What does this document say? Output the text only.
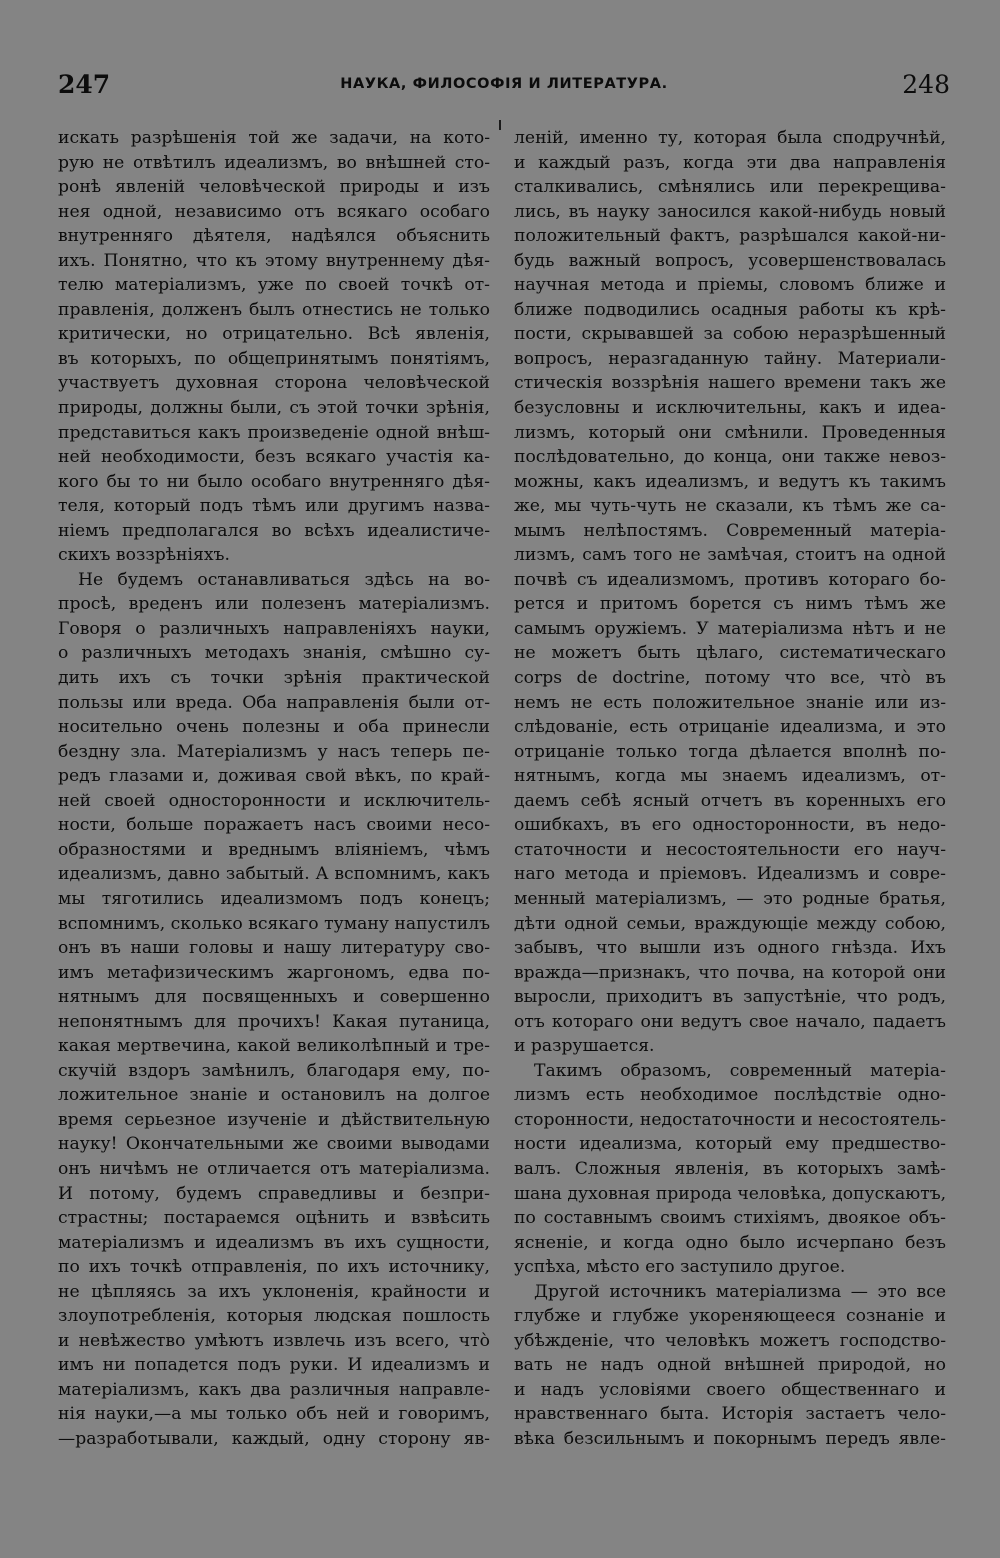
247	НАУКА, ФИЛОСОФІЯ И ЛИТЕРАТУРА.	248
искать разрѣшенія той же задачи, на кото-
рую не отвѣтилъ идеализмъ, во внѣшней сто-
ронѣ явленій человѣческой природы и изъ
нея одной, независимо отъ всякаго особаго
внутренняго дѣятеля, надѣялся объяснить
ихъ. Понятно, что къ этому внутреннему дѣя-
телю матеріализмъ, уже по своей точкѣ от-
правленія, долженъ былъ отнестись не только
критически, но отрицательно. Всѣ явленія,
въ которыхъ, по общепринятымъ понятіямъ,
участвуетъ духовная сторона человѣческой
природы, должны были, съ этой точки зрѣнія,
представиться какъ произведеніе одной внѣш-
ней необходимости, безъ всякаго участія ка-
кого бы то ни было особаго внутренняго дѣя-
теля, который подъ тѣмъ или другимъ назва-
ніемъ предполагался во всѣхъ идеалистиче-
скихъ воззрѣніяхъ.
Не будемъ останавливаться здѣсь на во-
просѣ, вреденъ или полезенъ матеріализмъ.
Говоря о различныхъ направленіяхъ науки,
о различныхъ методахъ знанія, смѣшно су-
дить ихъ съ точки зрѣнія практической
пользы или вреда. Оба направленія были от-
носительно очень полезны и оба принесли
бездну зла. Матеріализмъ у насъ теперь пе-
редъ глазами и, доживая свой вѣкъ, по край-
ней своей односторонности и исключитель-
ности, больше поражаетъ насъ своими несо-
образностями и вреднымъ вліяніемъ, чѣмъ
идеализмъ, давно забытый. А вспомнимъ, какъ
мы тяготились идеализмомъ подъ конецъ;
вспомнимъ, сколько всякаго туману напустилъ
онъ въ наши головы и нашу литературу сво-
имъ метафизическимъ жаргономъ, едва по-
нятнымъ для посвященныхъ и совершенно
непонятнымъ для прочихъ! Какая путаница,
какая мертвечина, какой великолѣпный и тре-
скучій вздоръ замѣнилъ, благодаря ему, по-
ложительное знаніе и остановилъ на долгое
время серьезное изученіе и дѣйствительную
науку! Окончательными же своими выводами
онъ ничѣмъ не отличается отъ матеріализма.
И потому, будемъ справедливы и безпри-
страстны; постараемся оцѣнить и взвѣсить
матеріализмъ и идеализмъ въ ихъ сущности,
по ихъ точкѣ отправленія, по ихъ источнику,
не цѣпляясь за ихъ уклоненія, крайности и
злоупотребленія, которыя людская пошлость
и невѣжество умѣютъ извлечь изъ всего, что̀
имъ ни попадется подъ руки. И идеализмъ и
матеріализмъ, какъ два различныя направле-
нія науки,—а мы только объ ней и говоримъ,
—разработывали, каждый, одну сторону яв-
леній, именно ту, которая была сподручнѣй,
и каждый разъ, когда эти два направленія
сталкивались, смѣнялись или перекрещива-
лись, въ науку заносился какой-нибудь новый
положительный фактъ, разрѣшался какой-ни-
будь важный вопросъ, усовершенствовалась
научная метода и пріемы, словомъ ближе и
ближе подводились осадныя работы къ крѣ-
пости, скрывавшей за собою неразрѣшенный
вопросъ, неразгаданную тайну. Материали-
стическія воззрѣнія нашего времени такъ же
безусловны и исключительны, какъ и идеа-
лизмъ, который они смѣнили. Проведенныя
послѣдовательно, до конца, они также невоз-
можны, какъ идеализмъ, и ведутъ къ такимъ
же, мы чуть-чуть не сказали, къ тѣмъ же са-
мымъ нелѣпостямъ. Современный матеріа-
лизмъ, самъ того не замѣчая, стоитъ на одной
почвѣ съ идеализмомъ, противъ котораго бо-
рется и притомъ борется съ нимъ тѣмъ же
самымъ оружіемъ. У матеріализма нѣтъ и не
не можетъ быть цѣлаго, систематическаго
corps de doctrine, потому что все, что̀ въ
немъ не есть положительное знаніе или из-
слѣдованіе, есть отрицаніе идеализма, и это
отрицаніе только тогда дѣлается вполнѣ по-
нятнымъ, когда мы знаемъ идеализмъ, от-
даемъ себѣ ясный отчетъ въ коренныхъ его
ошибкахъ, въ его односторонности, въ недо-
статочности и несостоятельности его науч-
наго метода и пріемовъ. Идеализмъ и совре-
менный матеріализмъ, — это родные братья,
дѣти одной семьи, враждующіе между собою,
забывъ, что вышли изъ одного гнѣзда. Ихъ
вражда—признакъ, что почва, на которой они
выросли, приходитъ въ запустѣніе, что родъ,
отъ котораго они ведутъ свое начало, падаетъ
и разрушается.
Такимъ образомъ, современный матеріа-
лизмъ есть необходимое послѣдствіе одно-
сторонности, недостаточности и несостоятель-
ности идеализма, который ему предшество-
валъ. Сложныя явленія, въ которыхъ замѣ-
шана духовная природа человѣка, допускаютъ,
по составнымъ своимъ стихіямъ, двоякое объ-
ясненіе, и когда одно было исчерпано безъ
успѣха, мѣсто его заступило другое.
Другой источникъ матеріализма — это все
глубже и глубже укореняющееся сознаніе и
убѣжденіе, что человѣкъ можетъ господство-
вать не надъ одной внѣшней природой, но
и надъ условіями своего общественнаго и
нравственнаго быта. Исторія застаетъ чело-
вѣка безсильнымъ и покорнымъ передъ явле-
